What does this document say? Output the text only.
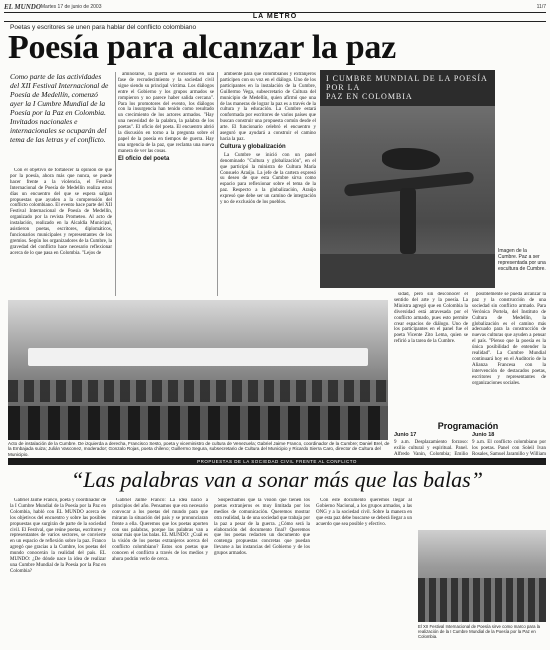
EL MUNDO Martes 17 de junio de 2003	11/7
LA METRO
Poetas y escritores se unen para hablar del conflicto colombiano
Poesía para alcanzar la paz
Como parte de las actividades del XII Festival Internacional de Poesía de Medellín, comenzó ayer la I Cumbre Mundial de la Poesía por la Paz en Colombia. Invitados nacionales e internacionales se ocuparán del tema de las letras y el conflicto.

Con el objetivo de fortalecer la opinión de que por la poesía, ahora más que nunca, se puede hacer frente a la violencia, el Festival Internacional de Poesía de Medellín realiza estos días un encuentro del que se espera salgan propuestas que ayuden a la comprensión del conflicto colombiano. El evento hace parte del XII Festival Internacional de Poesía de Medellín, organizado por la revista Prometeo. Al acto de instalación, realizado en la Alcaldía Municipal, asistieron poetas, escritores, diplomáticos, funcionarios municipales y representantes de los gremios. Según los organizadores de la Cumbre, la gravedad del conflicto hace necesario reflexionar acerca de lo que pasa en Colombia. "Lejos de

aminorarse, la guerra se encuentra en una fase de recrudecimiento y la sociedad civil sigue siendo su principal víctima. Los diálogos entre el Gobierno y los grupos armados se rompieron y no parece haber salida cercana". Para los promotores del evento, los diálogos con la insurgencia han tenido como resultado un crecimiento de los actores armados. "Hay una necesidad de la palabra, la palabra de los poetas". El oficio del poeta. El encuentro abrió la discusión en torno a la pregunta sobre el papel de la poesía en tiempos de guerra. Hay una urgencia de la paz, que reclama una nueva manera de ver las cosas.

El oficio del poeta

ambiente para que colombianos y extranjeros participen con su voz en el diálogo. Uno de los participantes en la instalación de la Cumbre, Guillermo Vega, subsecretario de Cultura del municipio de Medellín, quien afirmó que una de las maneras de lograr la paz es a través de la cultura y la educación. La Cumbre estará conformada por escritores de varios países que buscan construir una propuesta común desde el arte. El funcionario celebró el encuentro y aseguró que ayudará a construir el camino hacia la paz.

Cultura y globalización

La Cumbre se inició con un panel denominado "Cultura y globalización", en el que participó la ministra de Cultura María Consuelo Araújo. La jefe de la cartera expresó su deseo de que esta Cumbre sirva como espacio para reflexionar sobre el tema de la paz. Respecto a la globalización, Araújo expresó que debe ser un camino de integración y no de exclusión de los pueblos.

I CUMBRE MUNDIAL DE LA POESÍA POR LA
PAZ EN COLOMBIA
Imagen de la Cumbre. Paz a ser representada por una escultura de Cumbre.

sidad, pero sin desconocer el sentido del arte y la poesía. La Ministra agregó que en Colombia la diversidad está atravesada por el conflicto armado, pues esto permite crear espacios de diálogo. Uno de los participantes en el panel fue el poeta Vicente Zito Lema, quien se refirió a la tarea de la Cumbre.

posiblemente se pueda alcanzar la paz y la construcción de una sociedad sin conflicto armado. Para Verónica Portela, del Instituto de Cultura de Medellín, la globalización es el camino más adecuado para la construcción de nuevas culturas que ayuden a pensar el país. "Pienso que la poesía es la única posibilidad de entender la realidad". La Cumbre Mundial continuará hoy en el Auditorio de la Alianza Francesa con la intervención de destacados poetas, escritores y representantes de organizaciones sociales.

Acto de instalación de la Cumbre. De izquierda a derecha, Francisco Sesto, poeta y viceministro de cultura de Venezuela; Gabriel Jaime Franco, coordinador de la Cumbre; Daniel Brel, de la Embajada suiza; Julián Vasconez, moderador; Gonzalo Rojas, poeta chileno; Guillermo Segura, subsecretario de Cultura del Municipio y Ricardo Sierra Caro, director de Cultura del Municipio.
Programación
Junio 17
9 a.m. Desplazamiento forzoso: exilio cultural y espiritual. Panel. Alfredo Vanin, Colombia; Emilio
Junio 18
9 a.m. El conflicto colombiano por los poetas. Panel con Soleil Ivan Rosales, Samuel Jaramillo y William
PROPUESTAS DE LA SOCIEDAD CIVIL FRENTE AL CONFLICTO
“Las palabras van a sonar más que las balas”

Gabriel Jaime Franco, poeta y coordinador de la I Cumbre Mundial de la Poesía por la Paz en Colombia, habló con EL MUNDO acerca de los objetivos del encuentro y sobre las posibles propuestas que surgirán de parte de la sociedad civil. El Festival, que reúne poetas, escritores y representantes de varios sectores, se convierte en un espacio de reflexión sobre la paz. Franco agregó que gracias a la Cumbre, los poetas del mundo conocerán la realidad del país. EL MUNDO: ¿De dónde nace la idea de realizar una Cumbre Mundial de la Poesía por la Paz en Colombia?

Gabriel Jaime Franco: La idea nació a principios del año. Pensamos que era necesario convocar a los poetas del mundo para que miraran la situación del país y se pronunciaran frente a ella. Queremos que los poetas aporten con sus palabras, porque las palabras van a sonar más que las balas. EL MUNDO: ¿Cuál es la visión de los poetas extranjeros acerca del conflicto colombiano? Estos son poetas que conocen el conflicto a través de los medios y ahora podrán verlo de cerca.

Sospechamos que la visión que tienen los poetas extranjeros es muy limitada por los medios de comunicación. Queremos mostrar otra realidad, la de una sociedad que trabaja por la paz a pesar de la guerra. ¿Cómo será la elaboración del documento final? Queremos que los poetas redacten un documento que contenga propuestas concretas que puedan llevarse a las instancias del Gobierno y de los grupos armados.

Con este documento queremos llegar al Gobierno Nacional, a los grupos armados, a las ONG y a la sociedad civil. Sobre la manera en que esta paz debe buscarse se deberá llegar a un acuerdo que sea posible y efectivo.

El XII Festival Internacional de Poesía sirve como marco para la realización de la I Cumbre Mundial de la Poesía por la Paz en Colombia.
